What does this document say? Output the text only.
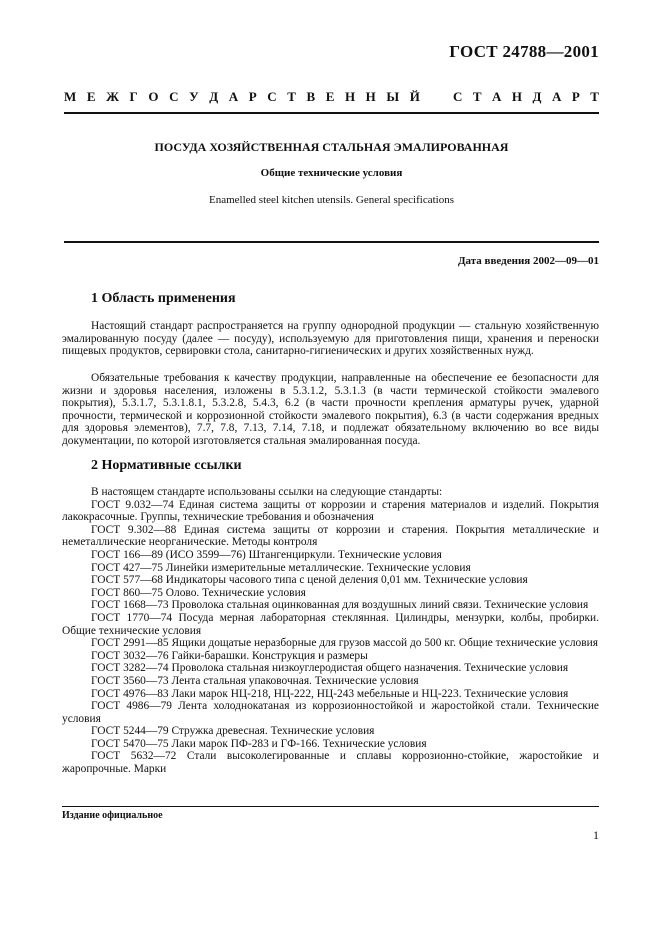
ГОСТ 24788—2001
М Е Ж Г О С У Д А Р С Т В Е Н Н Ы Й	С Т А Н Д А Р Т
ПОСУДА ХОЗЯЙСТВЕННАЯ СТАЛЬНАЯ ЭМАЛИРОВАННАЯ
Общие технические условия
Enamelled steel kitchen utensils. General specifications
Дата введения 2002—09—01
1 Область применения

Настоящий стандарт распространяется на группу однородной продукции — стальную хозяйственную эмалированную посуду (далее — посуду), используемую для приготовления пищи, хранения и переноски пищевых продуктов, сервировки стола, санитарно-гигиенических и других хозяйственных нужд.

Обязательные требования к качеству продукции, направленные на обеспечение ее безопасности для жизни и здоровья населения, изложены в 5.3.1.2, 5.3.1.3 (в части термической стойкости эмалевого покрытия), 5.3.1.7, 5.3.1.8.1, 5.3.2.8, 5.4.3, 6.2 (в части прочности крепления арматуры ручек, ударной прочности, термической и коррозионной стойкости эмалевого покрытия), 6.3 (в части содержания вредных для здоровья элементов), 7.7, 7.8, 7.13, 7.14, 7.18, и подлежат обязательному включению во все виды документации, по которой изготовляется стальная эмалированная посуда.

2 Нормативные ссылки

В настоящем стандарте использованы ссылки на следующие стандарты:

ГОСТ 9.032—74 Единая система защиты от коррозии и старения материалов и изделий. Покрытия лакокрасочные. Группы, технические требования и обозначения

ГОСТ 9.302—88 Единая система защиты от коррозии и старения. Покрытия металлические и неметаллические неорганические. Методы контроля

ГОСТ 166—89 (ИСО 3599—76) Штангенциркули. Технические условия

ГОСТ 427—75 Линейки измерительные металлические. Технические условия

ГОСТ 577—68 Индикаторы часового типа с ценой деления 0,01 мм. Технические условия

ГОСТ 860—75 Олово. Технические условия

ГОСТ 1668—73 Проволока стальная оцинкованная для воздушных линий связи. Технические условия

ГОСТ 1770—74 Посуда мерная лабораторная стеклянная. Цилиндры, мензурки, колбы, пробирки. Общие технические условия

ГОСТ 2991—85 Ящики дощатые неразборные для грузов массой до 500 кг. Общие технические условия

ГОСТ 3032—76 Гайки-барашки. Конструкция и размеры

ГОСТ 3282—74 Проволока стальная низкоуглеродистая общего назначения. Технические условия

ГОСТ 3560—73 Лента стальная упаковочная. Технические условия

ГОСТ 4976—83 Лаки марок НЦ-218, НЦ-222, НЦ-243 мебельные и НЦ-223. Технические условия

ГОСТ 4986—79 Лента холоднокатаная из коррозионностойкой и жаростойкой стали. Технические условия

ГОСТ 5244—79 Стружка древесная. Технические условия

ГОСТ 5470—75 Лаки марок ПФ-283 и ГФ-166. Технические условия

ГОСТ 5632—72 Стали высоколегированные и сплавы коррозионно-стойкие, жаростойкие и жаропрочные. Марки

Издание официальное
1
